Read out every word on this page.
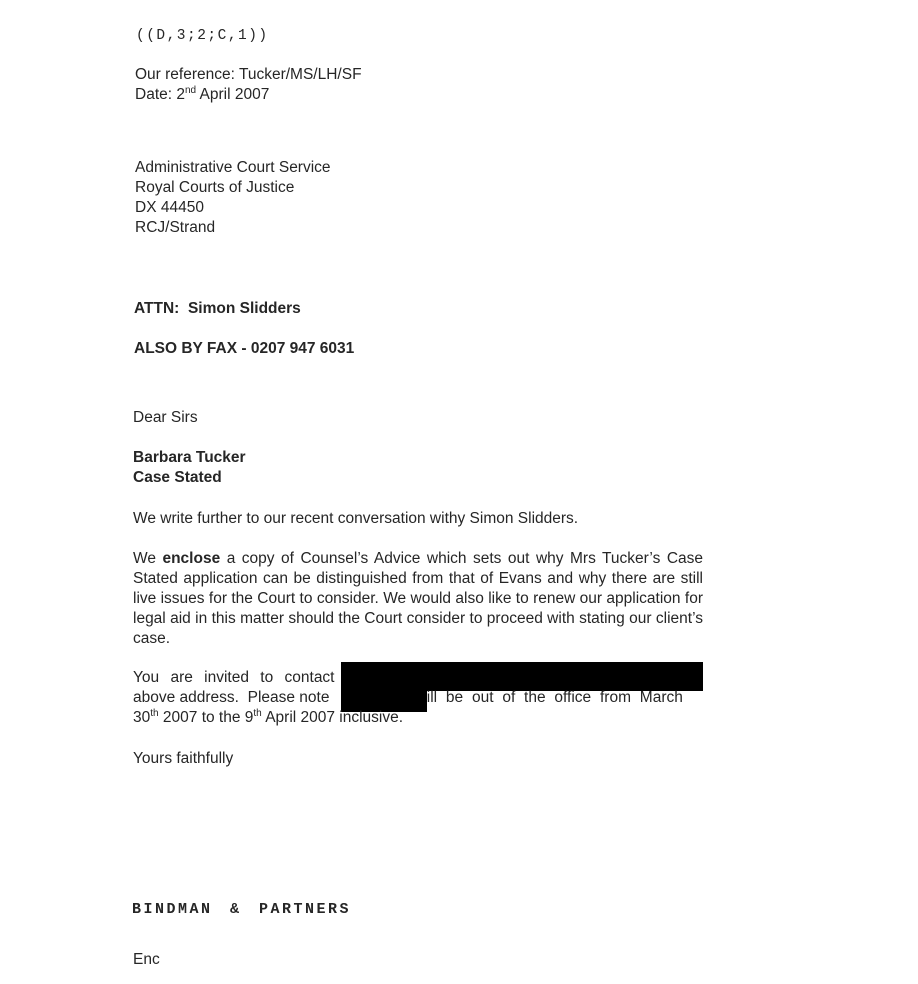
((D,3;2;C,1))
Our reference: Tucker/MS/LH/SF
Date: 2nd April 2007
Administrative Court Service
Royal Courts of Justice
DX 44450
RCJ/Strand
ATTN:  Simon Slidders
ALSO BY FAX - 0207 947 6031
Dear Sirs
Barbara Tucker
Case Stated
We write further to our recent conversation withy Simon Slidders.
We enclose a copy of Counsel’s Advice which sets out why Mrs Tucker’s Case Stated application can be distinguished from that of Evans and why there are still live issues for the Court to consider. We would also like to renew our application for legal aid in this matter should the Court consider to proceed with stating our client’s case.
You are invited to contact
above address.  Please note	ill be out of the office from March
30th 2007 to the 9th April 2007 inclusive.
Yours faithfully
BINDMAN & PARTNERS
Enc
